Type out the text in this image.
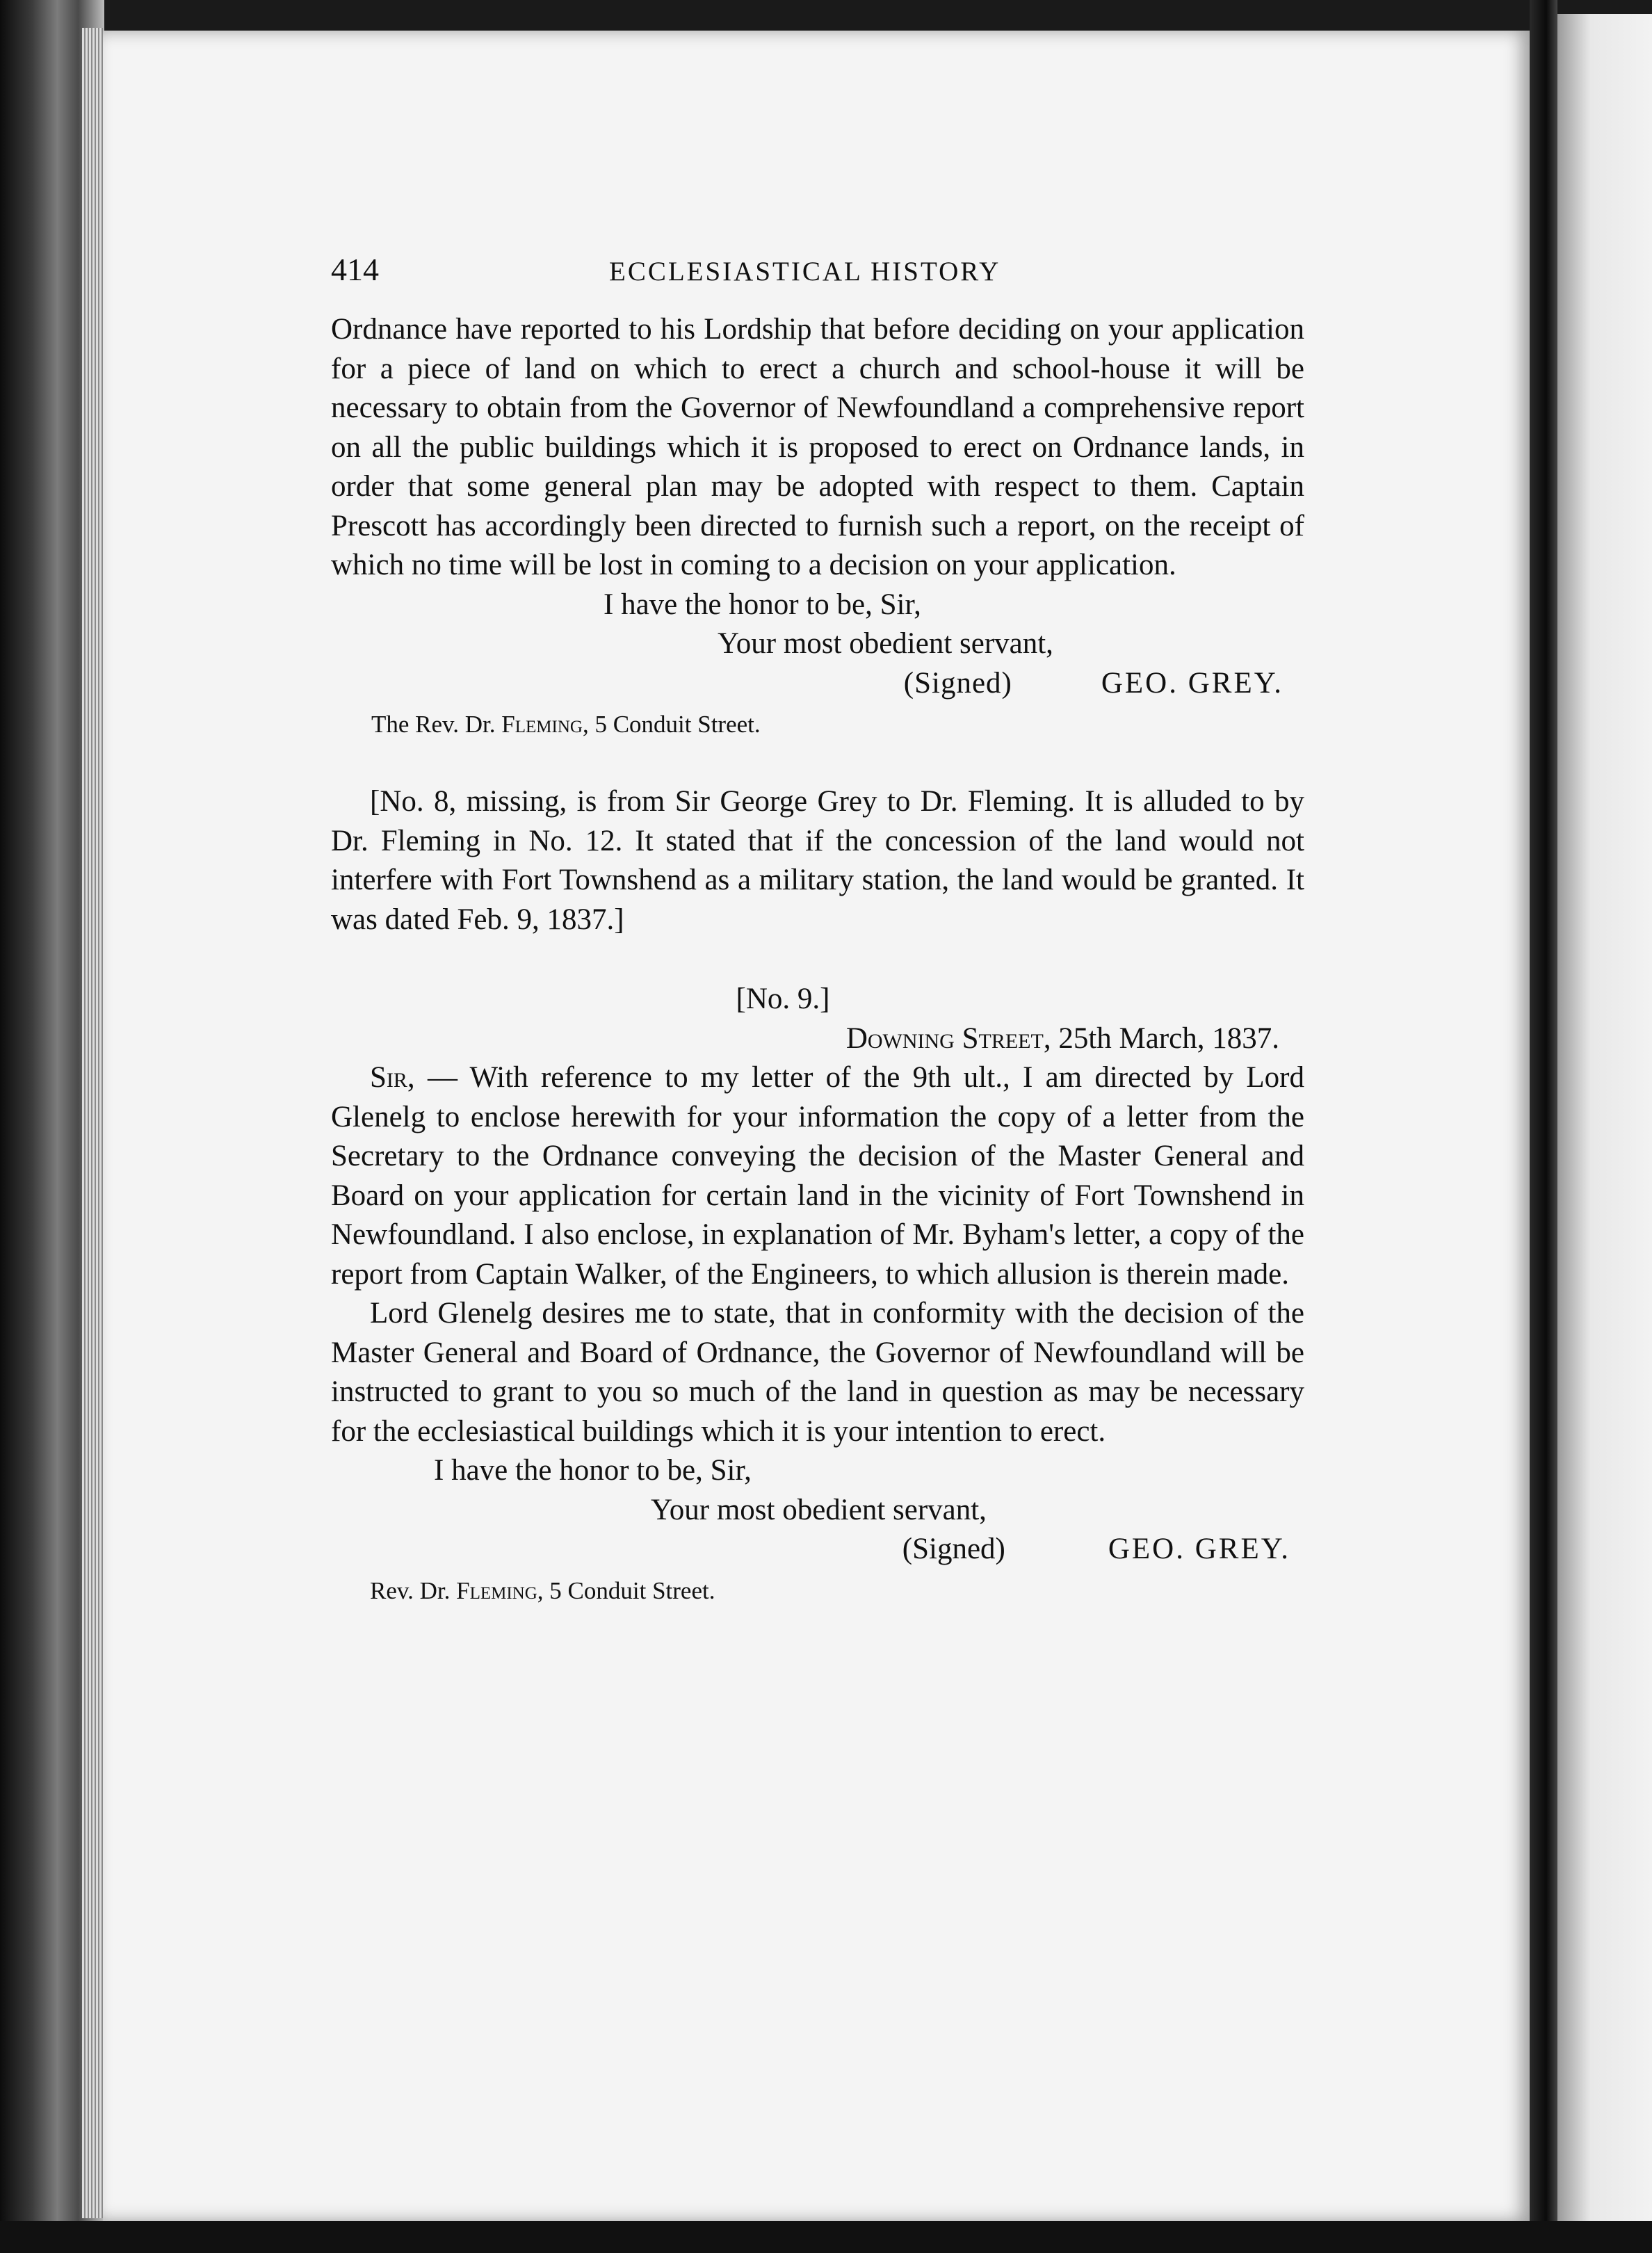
414	ECCLESIASTICAL HISTORY

Ordnance have reported to his Lordship that before deciding on your application for a piece of land on which to erect a church and school-house it will be necessary to obtain from the Governor of Newfoundland a comprehensive report on all the public buildings which it is proposed to erect on Ordnance lands, in order that some general plan may be adopted with respect to them. Captain Prescott has accordingly been directed to furnish such a report, on the receipt of which no time will be lost in coming to a decision on your application.

I have the honor to be, Sir,
Your most obedient servant,
(Signed)	GEO. GREY.
The Rev. Dr. Fleming, 5 Conduit Street.

[No. 8, missing, is from Sir George Grey to Dr. Fleming. It is alluded to by Dr. Fleming in No. 12. It stated that if the concession of the land would not interfere with Fort Townshend as a military station, the land would be granted. It was dated Feb. 9, 1837.]

[No. 9.]
Downing Street, 25th March, 1837.

Sir, — With reference to my letter of the 9th ult., I am directed by Lord Glenelg to enclose herewith for your information the copy of a letter from the Secretary to the Ordnance conveying the decision of the Master General and Board on your application for certain land in the vicinity of Fort Townshend in Newfoundland. I also enclose, in explanation of Mr. Byham's letter, a copy of the report from Captain Walker, of the Engineers, to which allusion is therein made.

Lord Glenelg desires me to state, that in conformity with the decision of the Master General and Board of Ordnance, the Governor of Newfoundland will be instructed to grant to you so much of the land in question as may be necessary for the ecclesiastical buildings which it is your intention to erect.

I have the honor to be, Sir,
Your most obedient servant,
(Signed)	GEO. GREY.
Rev. Dr. Fleming, 5 Conduit Street.
